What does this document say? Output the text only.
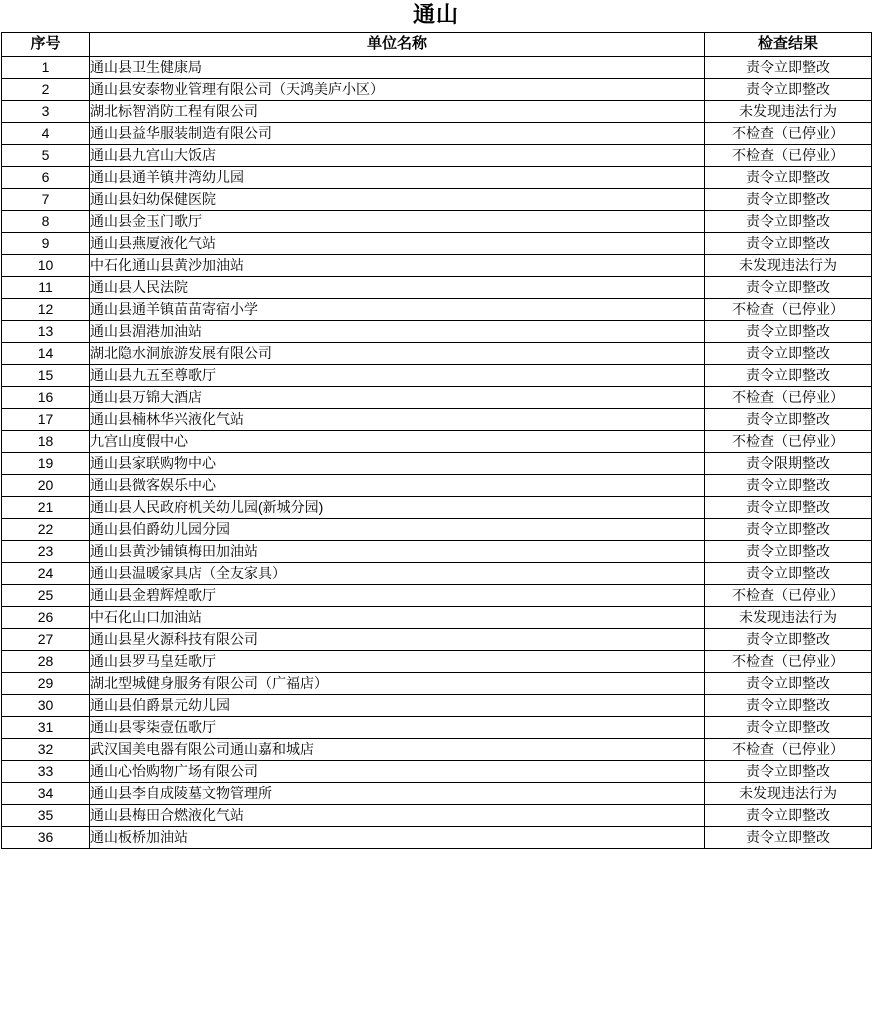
通山
序号	单位名称	检查结果
1	通山县卫生健康局	责令立即整改
2	通山县安泰物业管理有限公司（天鸿美庐小区）	责令立即整改
3	湖北标智消防工程有限公司	未发现违法行为
4	通山县益华服装制造有限公司	不检查（已停业）
5	通山县九宫山大饭店	不检查（已停业）
6	通山县通羊镇井湾幼儿园	责令立即整改
7	通山县妇幼保健医院	责令立即整改
8	通山县金玉门歌厅	责令立即整改
9	通山县燕厦液化气站	责令立即整改
10	中石化通山县黄沙加油站	未发现违法行为
11	通山县人民法院	责令立即整改
12	通山县通羊镇苗苗寄宿小学	不检查（已停业）
13	通山县湄港加油站	责令立即整改
14	湖北隐水洞旅游发展有限公司	责令立即整改
15	通山县九五至尊歌厅	责令立即整改
16	通山县万锦大酒店	不检查（已停业）
17	通山县楠林华兴液化气站	责令立即整改
18	九宫山度假中心	不检查（已停业）
19	通山县家联购物中心	责令限期整改
20	通山县微客娱乐中心	责令立即整改
21	通山县人民政府机关幼儿园(新城分园)	责令立即整改
22	通山县伯爵幼儿园分园	责令立即整改
23	通山县黄沙铺镇梅田加油站	责令立即整改
24	通山县温暖家具店（全友家具）	责令立即整改
25	通山县金碧辉煌歌厅	不检查（已停业）
26	中石化山口加油站	未发现违法行为
27	通山县星火源科技有限公司	责令立即整改
28	通山县罗马皇廷歌厅	不检查（已停业）
29	湖北型城健身服务有限公司（广福店）	责令立即整改
30	通山县伯爵景元幼儿园	责令立即整改
31	通山县零柒壹伍歌厅	责令立即整改
32	武汉国美电器有限公司通山嘉和城店	不检查（已停业）
33	通山心怡购物广场有限公司	责令立即整改
34	通山县李自成陵墓文物管理所	未发现违法行为
35	通山县梅田合燃液化气站	责令立即整改
36	通山板桥加油站	责令立即整改
